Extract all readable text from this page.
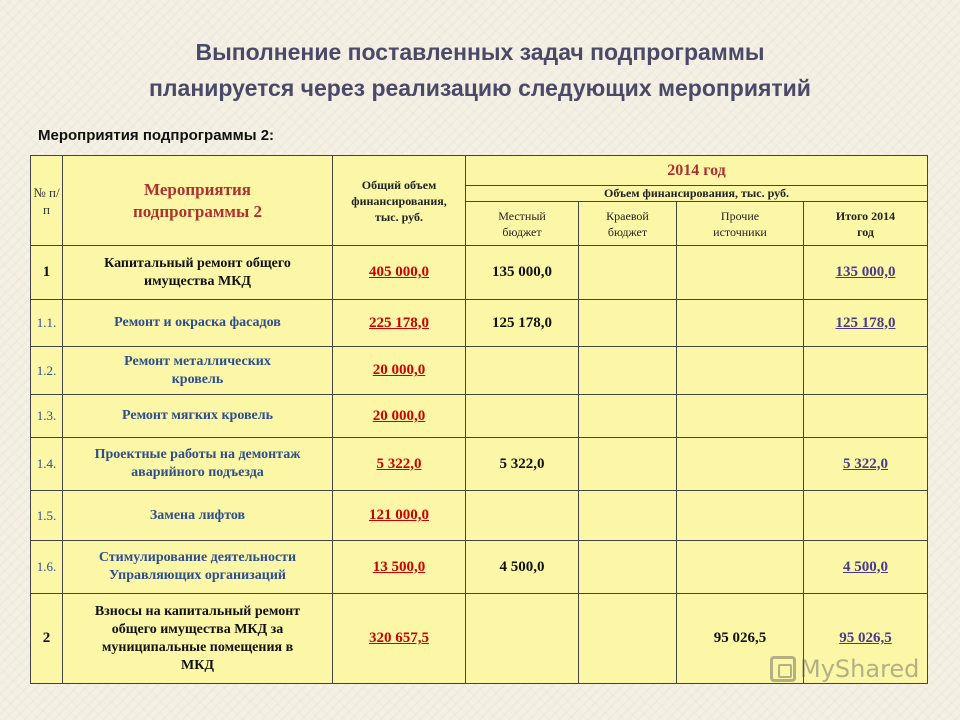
Выполнение поставленных задач подпрограммы
планируется через реализацию следующих мероприятий
Мероприятия подпрограммы 2:
№ п/п	Мероприятия подпрограммы 2	Общий объем финансирования, тыс. руб.	2014 год			
			Объем финансирования, тыс. руб.			

			Местный бюджет	Краевой бюджет	Прочие источники	Итого 2014 год

1	Капитальный ремонт общего имущества МКД	405 000,0	135 000,0			135 000,0
1.1.	Ремонт и окраска фасадов	225 178,0	125 178,0			125 178,0
1.2.	Ремонт металлических кровель	20 000,0				
1.3.	Ремонт мягких кровель	20 000,0				
1.4.	Проектные работы на демонтаж аварийного подъезда	5 322,0	5 322,0			5 322,0
1.5.	Замена лифтов	121 000,0				
1.6.	Стимулирование деятельности Управляющих организаций	13 500,0	4 500,0			4 500,0
2	Взносы на капитальный ремонт общего имущества МКД за муниципальные помещения в МКД	320 657,5			95 026,5	95 026,5
MyShared
